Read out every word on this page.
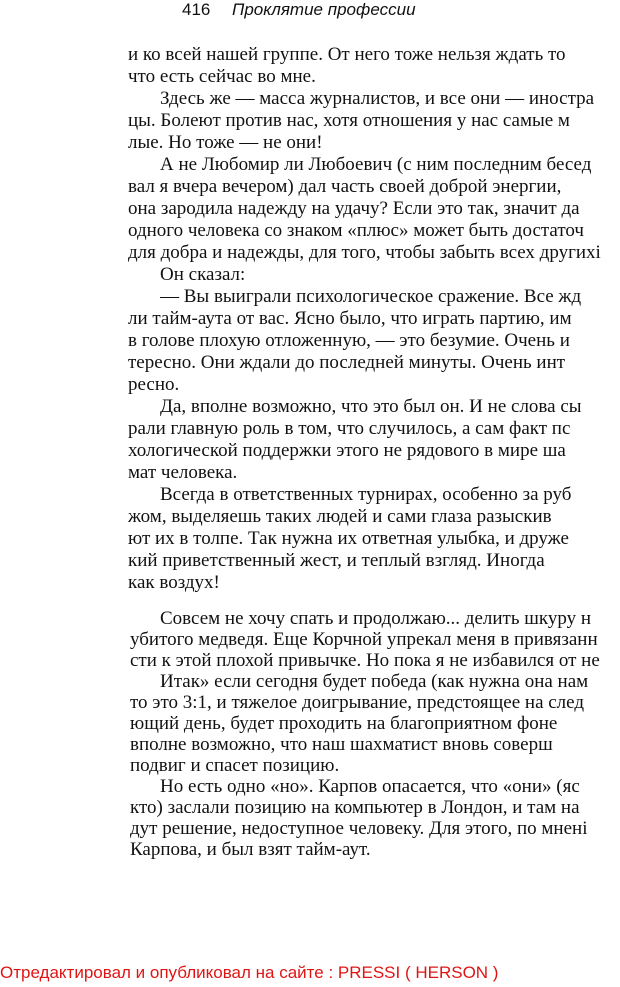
416 Проклятие профессии
и ко всей нашей группе. От него тоже нельзя ждать то
что есть сейчас во мне.
Здесь же — масса журналистов, и все они — иностра
цы. Болеют против нас, хотя отношения у нас самые м
лые. Но тоже — не они!
А не Любомир ли Любоевич (с ним последним бесед
вал я вчера вечером) дал часть своей доброй энергии,
она зародила надежду на удачу? Если это так, значит да
одного человека со знаком «плюс» может быть достаточ
для добра и надежды, для того, чтобы забыть всех другихі
Он сказал:
— Вы выиграли психологическое сражение. Все жд
ли тайм-аута от вас. Ясно было, что играть партию, им
в голове плохую отложенную, — это безумие. Очень и
тересно. Они ждали до последней минуты. Очень инт
ресно.
Да, вполне возможно, что это был он. И не слова сы
рали главную роль в том, что случилось, а сам факт пс
хологической поддержки этого не рядового в мире ша
мат человека.
Всегда в ответственных турнирах, особенно за руб
жом, выделяешь таких людей и сами глаза разыскив
ют их в толпе. Так нужна их ответная улыбка, и друже
кий приветственный жест, и теплый взгляд. Иногда
как воздух!
Совсем не хочу спать и продолжаю... делить шкуру н
убитого медведя. Еще Корчной упрекал меня в привязанн
сти к этой плохой привычке. Но пока я не избавился от не
Итак» если сегодня будет победа (как нужна она нам
то это 3:1, и тяжелое доигрывание, предстоящее на след
ющий день, будет проходить на благоприятном фоне
вполне возможно, что наш шахматист вновь соверш
подвиг и спасет позицию.
Но есть одно «но». Карпов опасается, что «они» (яс
кто) заслали позицию на компьютер в Лондон, и там на
дут решение, недоступное человеку. Для этого, по мнені
Карпова, и был взят тайм-аут.
Отредактировал и опубликовал на сайте : PRESSI ( HERSON )
